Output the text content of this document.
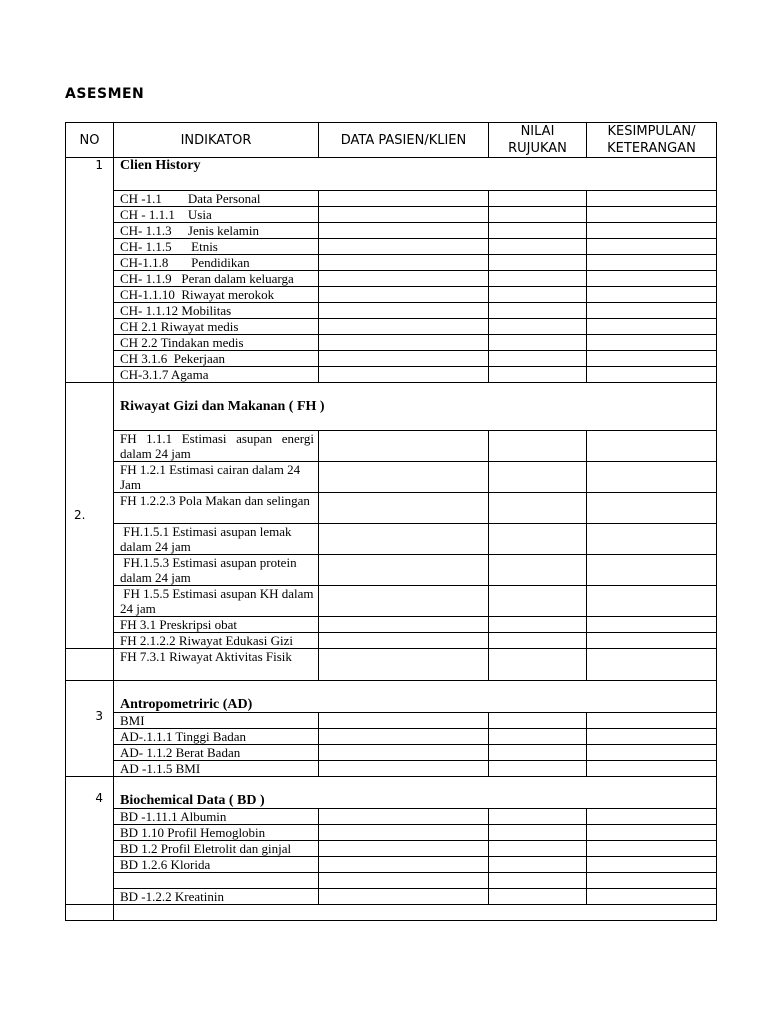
ASESMEN
NO	INDIKATOR	DATA PASIEN/KLIEN	NILAI RUJUKAN	KESIMPULAN/ KETERANGAN
1	Clien History			
	CH -1.1        Data Personal			
	CH - 1.1.1    Usia			
	CH- 1.1.3     Jenis kelamin			
	CH- 1.1.5      Etnis			
	CH-1.1.8       Pendidikan			
	CH- 1.1.9   Peran dalam keluarga			
	CH-1.1.10  Riwayat merokok			
	CH- 1.1.12 Mobilitas			
	CH 2.1 Riwayat medis			
	CH 2.2 Tindakan medis			
	CH 3.1.6  Pekerjaan			
	CH-3.1.7 Agama			
2.	Riwayat Gizi dan Makanan ( FH )			
	FH 1.1.1 Estimasi asupan energi dalam 24 jam			
	FH 1.2.1 Estimasi cairan dalam 24 Jam			
	FH 1.2.2.3 Pola Makan dan selingan			
	FH.1.5.1 Estimasi asupan lemak dalam 24 jam			
	FH.1.5.3 Estimasi asupan protein dalam 24 jam			
	FH 1.5.5 Estimasi asupan KH dalam 24 jam			
	FH 3.1 Preskripsi obat			
	FH 2.1.2.2 Riwayat Edukasi Gizi			
	FH 7.3.1 Riwayat Aktivitas Fisik			

3	Antropometriric (AD)			
	BMI			
	AD-.1.1.1 Tinggi Badan			
	AD- 1.1.2 Berat Badan			
	AD -1.1.5 BMI			

4	Biochemical Data ( BD )			
	BD -1.11.1 Albumin			
	BD 1.10 Profil Hemoglobin			
	BD 1.2 Profil Eletrolit dan ginjal			
	BD 1.2.6 Klorida			

	BD -1.2.2 Kreatinin			
